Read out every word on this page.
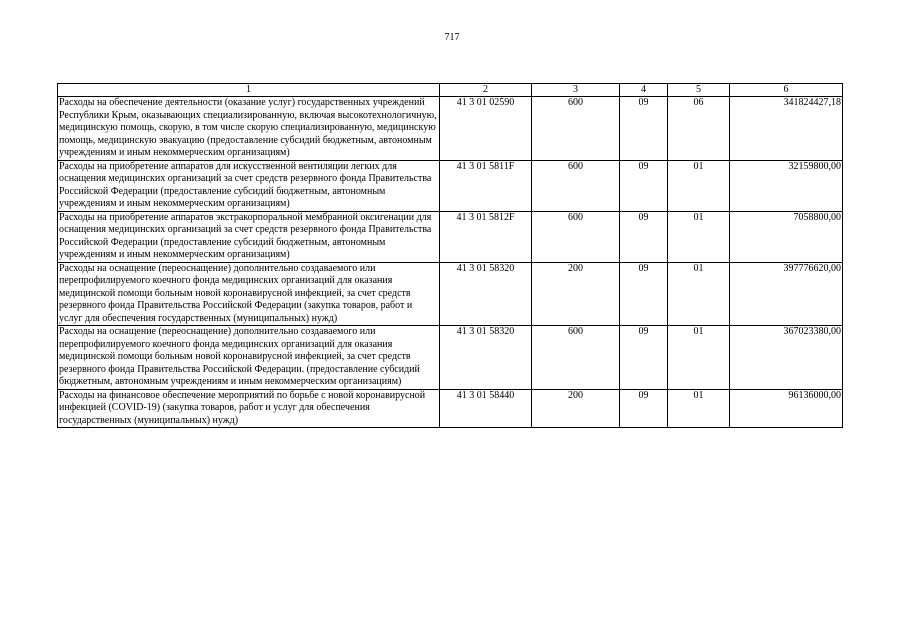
717
1	2	3	4	5	6
Расходы на обеспечение деятельности (оказание услуг) государственных учреждений Республики Крым, оказывающих специализированную, включая высокотехнологичную, медицинскую помощь, скорую, в том числе скорую специализированную, медицинскую помощь, медицинскую эвакуацию (предоставление субсидий бюджетным, автономным учреждениям и иным некоммерческим организациям)	41 3 01 02590	600	09	06	341824427,18
Расходы на приобретение аппаратов для искусственной вентиляции легких для оснащения медицинских организаций за счет средств резервного фонда Правительства Российской Федерации (предоставление субсидий бюджетным, автономным учреждениям и иным некоммерческим организациям)	41 3 01 5811F	600	09	01	32159800,00
Расходы на приобретение аппаратов экстракорпоральной мембранной оксигенации для оснащения медицинских организаций за счет средств резервного фонда Правительства Российской Федерации (предоставление субсидий бюджетным, автономным учреждениям и иным некоммерческим организациям)	41 3 01 5812F	600	09	01	7058800,00
Расходы на оснащение (переоснащение) дополнительно создаваемого или перепрофилируемого коечного фонда медицинских организаций для оказания медицинской помощи больным новой коронавирусной инфекцией, за счет средств резервного фонда Правительства Российской Федерации (закупка товаров, работ и услуг для обеспечения государственных (муниципальных) нужд)	41 3 01 58320	200	09	01	397776620,00
Расходы на оснащение (переоснащение) дополнительно создаваемого или перепрофилируемого коечного фонда медицинских организаций для оказания медицинской помощи больным новой коронавирусной инфекцией, за счет средств резервного фонда Правительства Российской Федерации. (предоставление субсидий бюджетным, автономным учреждениям и иным некоммерческим организациям)	41 3 01 58320	600	09	01	367023380,00
Расходы на финансовое обеспечение мероприятий по борьбе с новой коронавирусной инфекцией (COVID-19) (закупка товаров, работ и услуг для обеспечения государственных (муниципальных) нужд)	41 3 01 58440	200	09	01	96136000,00
